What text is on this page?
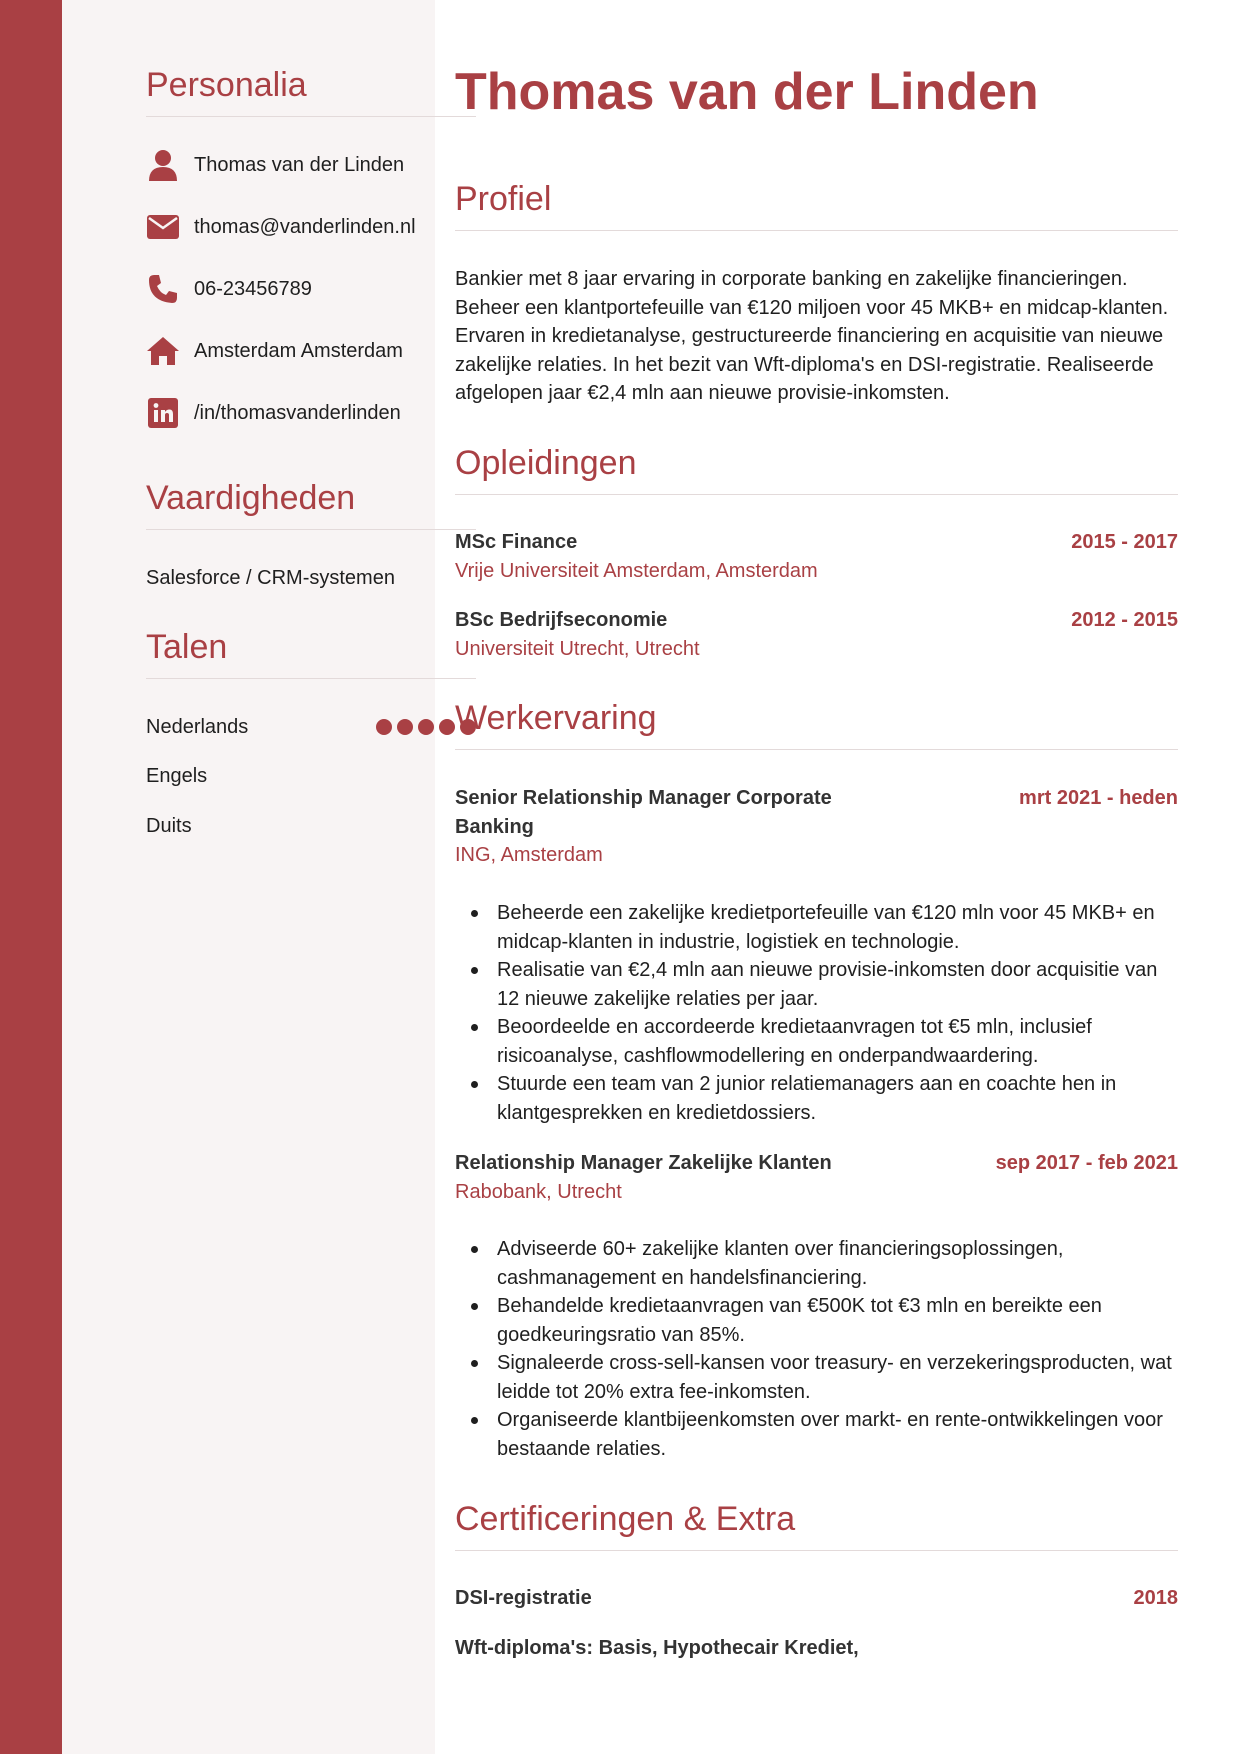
Personalia
Thomas van der Linden
thomas@vanderlinden.nl
06-23456789
Amsterdam Amsterdam
/in/thomasvanderlinden
Vaardigheden
Salesforce / CRM-systemen
Talen
Nederlands
Engels
Duits
Thomas van der Linden
Profiel
Bankier met 8 jaar ervaring in corporate banking en zakelijke financieringen. Beheer een klantportefeuille van €120 miljoen voor 45 MKB+ en midcap-klanten. Ervaren in kredietanalyse, gestructureerde financiering en acquisitie van nieuwe zakelijke relaties. In het bezit van Wft-diploma's en DSI-registratie. Realiseerde afgelopen jaar €2,4 mln aan nieuwe provisie-inkomsten.
Opleidingen
MSc Finance	2015 - 2017
Vrije Universiteit Amsterdam, Amsterdam
BSc Bedrijfseconomie	2012 - 2015
Universiteit Utrecht, Utrecht
Werkervaring
Senior Relationship Manager Corporate Banking
mrt 2021 - heden
ING, Amsterdam
Beheerde een zakelijke kredietportefeuille van €120 mln voor 45 MKB+ en midcap-klanten in industrie, logistiek en technologie.
Realisatie van €2,4 mln aan nieuwe provisie-inkomsten door acquisitie van 12 nieuwe zakelijke relaties per jaar.
Beoordeelde en accordeerde kredietaanvragen tot €5 mln, inclusief risicoanalyse, cashflowmodellering en onderpandwaardering.
Stuurde een team van 2 junior relatiemanagers aan en coachte hen in klantgesprekken en kredietdossiers.
Relationship Manager Zakelijke Klanten	sep 2017 - feb 2021
Rabobank, Utrecht
Adviseerde 60+ zakelijke klanten over financieringsoplossingen, cashmanagement en handelsfinanciering.
Behandelde kredietaanvragen van €500K tot €3 mln en bereikte een goedkeuringsratio van 85%.
Signaleerde cross-sell-kansen voor treasury- en verzekeringsproducten, wat leidde tot 20% extra fee-inkomsten.
Organiseerde klantbijeenkomsten over markt- en rente-ontwikkelingen voor bestaande relaties.
Certificeringen & Extra
DSI-registratie	2018
Wft-diploma's: Basis, Hypothecair Krediet,
